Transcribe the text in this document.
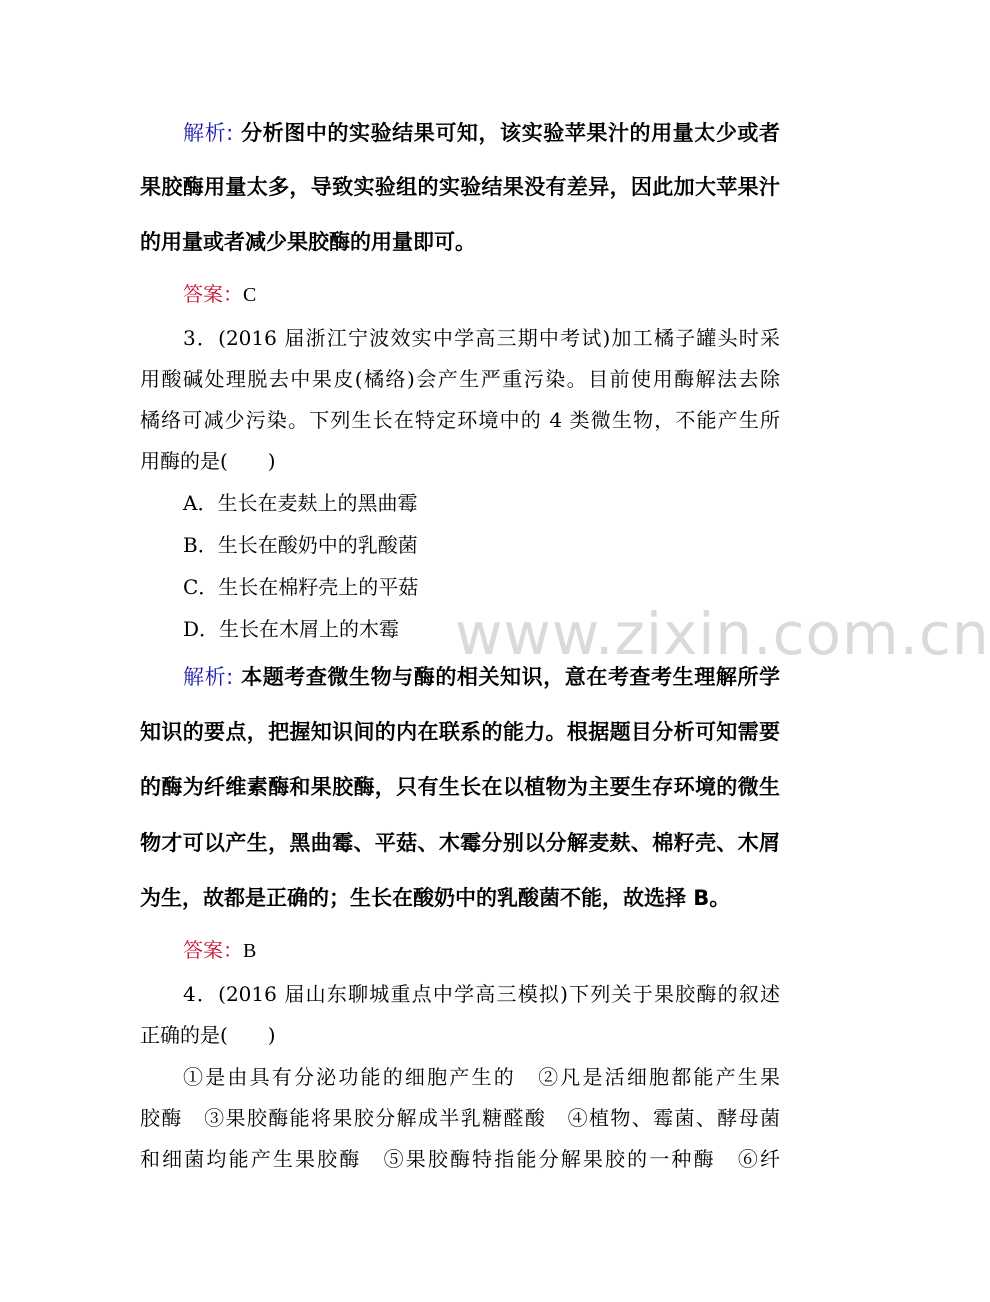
解析: 分析图中的实验结果可知，该实验苹果汁的用量太少或者
果胶酶用量太多，导致实验组的实验结果没有差异，因此加大苹果汁
的用量或者减少果胶酶的用量即可。
答案：C
3．(2016 届浙江宁波效实中学高三期中考试)加工橘子罐头时采
用酸碱处理脱去中果皮(橘络)会产生严重污染。目前使用酶解法去除
橘络可减少污染。下列生长在特定环境中的 4 类微生物，不能产生所
用酶的是(　　)
A．生长在麦麸上的黑曲霉
B．生长在酸奶中的乳酸菌
C．生长在棉籽壳上的平菇
D．生长在木屑上的木霉
解析: 本题考查微生物与酶的相关知识，意在考查考生理解所学
知识的要点，把握知识间的内在联系的能力。根据题目分析可知需要
的酶为纤维素酶和果胶酶，只有生长在以植物为主要生存环境的微生
物才可以产生，黑曲霉、平菇、木霉分别以分解麦麸、棉籽壳、木屑
为生，故都是正确的；生长在酸奶中的乳酸菌不能，故选择 B。
答案：B
4．(2016 届山东聊城重点中学高三模拟)下列关于果胶酶的叙述
正确的是(　　)
①是由具有分泌功能的细胞产生的　②凡是活细胞都能产生果
胶酶　③果胶酶能将果胶分解成半乳糖醛酸　④植物、霉菌、酵母菌
和细菌均能产生果胶酶　⑤果胶酶特指能分解果胶的一种酶　⑥纤
www.zixin.com.cn
